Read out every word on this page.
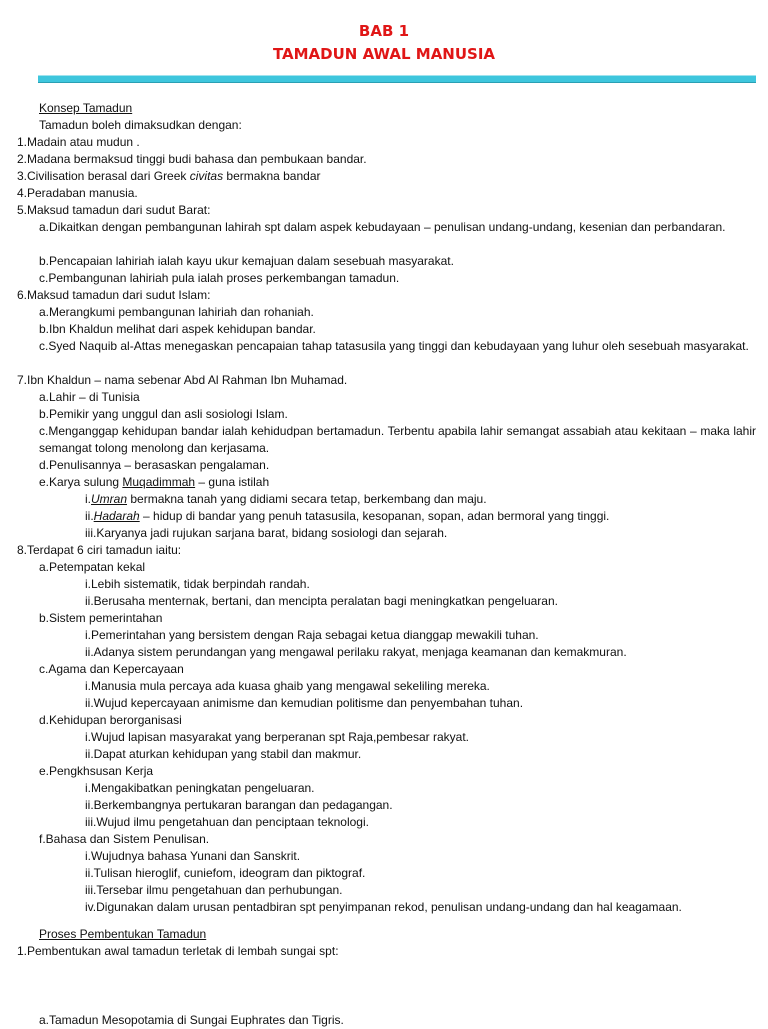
BAB 1
TAMADUN AWAL MANUSIA
Konsep Tamadun
Tamadun boleh dimaksudkan dengan:
1.Madain atau mudun .
2.Madana bermaksud tinggi budi bahasa dan pembukaan bandar.
3.Civilisation berasal dari Greek civitas bermakna bandar
4.Peradaban manusia.
5.Maksud tamadun dari sudut Barat:
a.Dikaitkan dengan pembangunan lahirah spt dalam aspek kebudayaan – penulisan undang-undang, kesenian dan perbandaran.
b.Pencapaian lahiriah ialah kayu ukur kemajuan dalam sesebuah masyarakat.
c.Pembangunan lahiriah pula ialah proses perkembangan tamadun.
6.Maksud tamadun dari sudut Islam:
a.Merangkumi pembangunan lahiriah dan rohaniah.
b.Ibn Khaldun melihat dari aspek kehidupan bandar.
c.Syed Naquib al-Attas menegaskan pencapaian tahap tatasusila yang tinggi dan kebudayaan yang luhur oleh sesebuah masyarakat.
7.Ibn Khaldun – nama sebenar Abd Al Rahman Ibn Muhamad.
a.Lahir – di Tunisia
b.Pemikir yang unggul dan asli sosiologi Islam.
c.Menganggap kehidupan bandar ialah kehidudpan bertamadun. Terbentu apabila lahir semangat assabiah atau kekitaan – maka lahir semangat tolong menolong dan kerjasama.
d.Penulisannya – berasaskan pengalaman.
e.Karya sulung Muqadimmah – guna istilah
i.Umran bermakna tanah yang didiami secara tetap, berkembang dan maju.
ii.Hadarah – hidup di bandar yang penuh tatasusila, kesopanan, sopan, adan bermoral yang tinggi.
iii.Karyanya jadi rujukan sarjana barat, bidang sosiologi dan sejarah.
8.Terdapat 6 ciri tamadun iaitu:
a.Petempatan kekal
i.Lebih sistematik, tidak berpindah randah.
ii.Berusaha menternak, bertani, dan mencipta peralatan bagi meningkatkan pengeluaran.
b.Sistem pemerintahan
i.Pemerintahan yang bersistem dengan Raja sebagai ketua dianggap mewakili tuhan.
ii.Adanya sistem perundangan yang mengawal perilaku rakyat, menjaga keamanan dan kemakmuran.
c.Agama dan Kepercayaan
i.Manusia mula percaya ada kuasa ghaib yang mengawal sekeliling mereka.
ii.Wujud kepercayaan animisme dan kemudian politisme dan penyembahan tuhan.
d.Kehidupan berorganisasi
i.Wujud lapisan masyarakat yang berperanan spt Raja,pembesar rakyat.
ii.Dapat aturkan kehidupan yang stabil dan makmur.
e.Pengkhsusan Kerja
i.Mengakibatkan peningkatan pengeluaran.
ii.Berkembangnya pertukaran barangan dan pedagangan.
iii.Wujud ilmu pengetahuan dan penciptaan teknologi.
f.Bahasa dan Sistem Penulisan.
i.Wujudnya bahasa Yunani dan Sanskrit.
ii.Tulisan hieroglif, cuniefom, ideogram dan piktograf.
iii.Tersebar ilmu pengetahuan dan perhubungan.
iv.Digunakan dalam urusan pentadbiran spt penyimpanan rekod, penulisan undang-undang dan hal keagamaan.
Proses Pembentukan Tamadun
1.Pembentukan awal tamadun terletak di lembah sungai spt:
a.Tamadun Mesopotamia di Sungai Euphrates dan Tigris.
